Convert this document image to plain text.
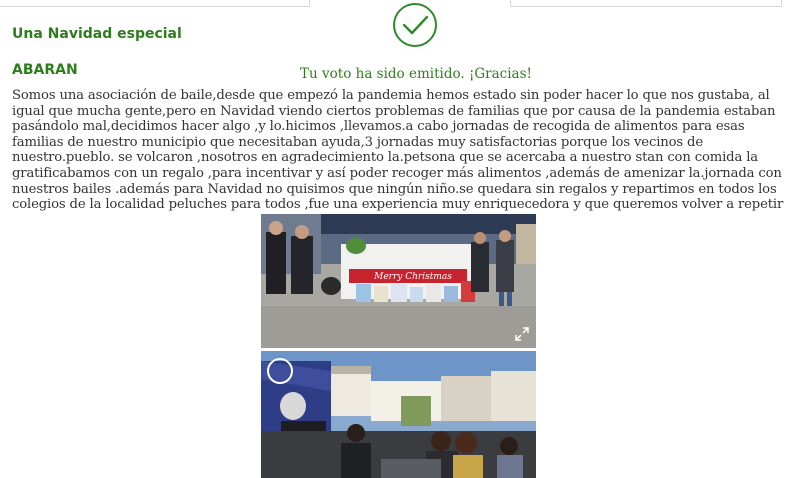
Tu voto ha sido emitido. ¡Gracias!
Una Navidad especial
ABARAN

Somos una asociación de baile,desde que empezó la pandemia hemos estado sin poder hacer lo que nos gustaba, al igual que mucha gente,pero en Navidad viendo ciertos problemas de familias que por causa de la pandemia estaban pasándolo mal,decidimos hacer algo ,y lo.hicimos ,llevamos.a cabo jornadas de recogida de alimentos para esas familias de nuestro municipio que necesitaban ayuda,3 jornadas muy satisfactorias porque los vecinos de nuestro.pueblo. se volcaron ,nosotros en agradecimiento la.petsona que se acercaba a nuestro stan con comida la gratificabamos con un regalo ,para incentivar y así poder recoger más alimentos ,además de amenizar la.jornada con nuestros bailes .además para Navidad no quisimos que ningún niño.se quedara sin regalos y repartimos en todos los colegios de la localidad peluches para todos ,fue una experiencia muy enriquecedora y que queremos volver a repetir

Merry Christmas
